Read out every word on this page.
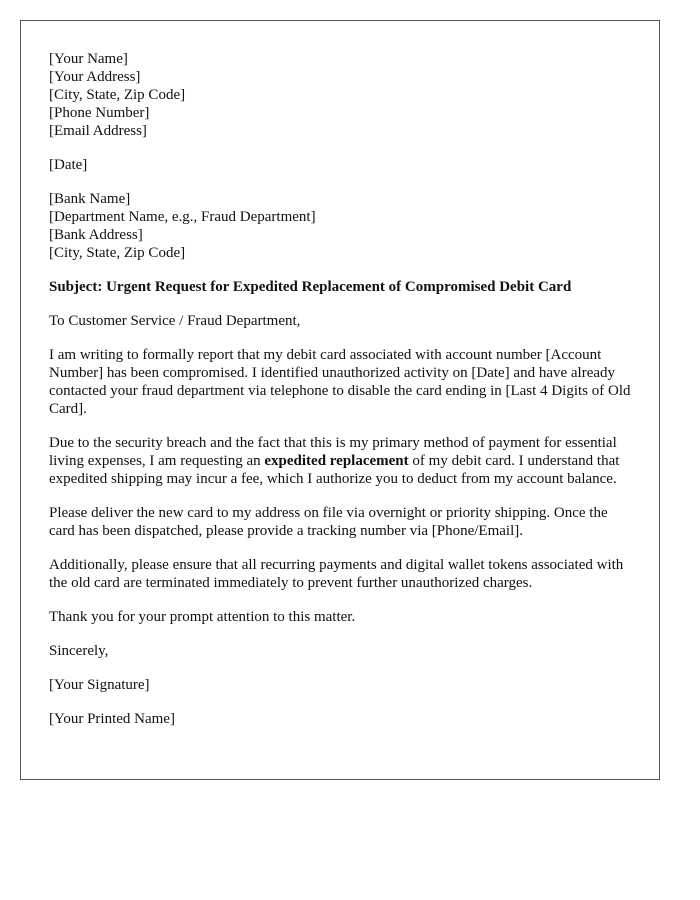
[Your Name]
[Your Address]
[City, State, Zip Code]
[Phone Number]
[Email Address]
[Date]
[Bank Name]
[Department Name, e.g., Fraud Department]
[Bank Address]
[City, State, Zip Code]

Subject: Urgent Request for Expedited Replacement of Compromised Debit Card

To Customer Service / Fraud Department,

I am writing to formally report that my debit card associated with account number [Account Number] has been compromised. I identified unauthorized activity on [Date] and have already contacted your fraud department via telephone to disable the card ending in [Last 4 Digits of Old Card].

Due to the security breach and the fact that this is my primary method of payment for essential living expenses, I am requesting an expedited replacement of my debit card. I understand that expedited shipping may incur a fee, which I authorize you to deduct from my account balance.

Please deliver the new card to my address on file via overnight or priority shipping. Once the card has been dispatched, please provide a tracking number via [Phone/Email].

Additionally, please ensure that all recurring payments and digital wallet tokens associated with the old card are terminated immediately to prevent further unauthorized charges.

Thank you for your prompt attention to this matter.

Sincerely,

[Your Signature]

[Your Printed Name]
